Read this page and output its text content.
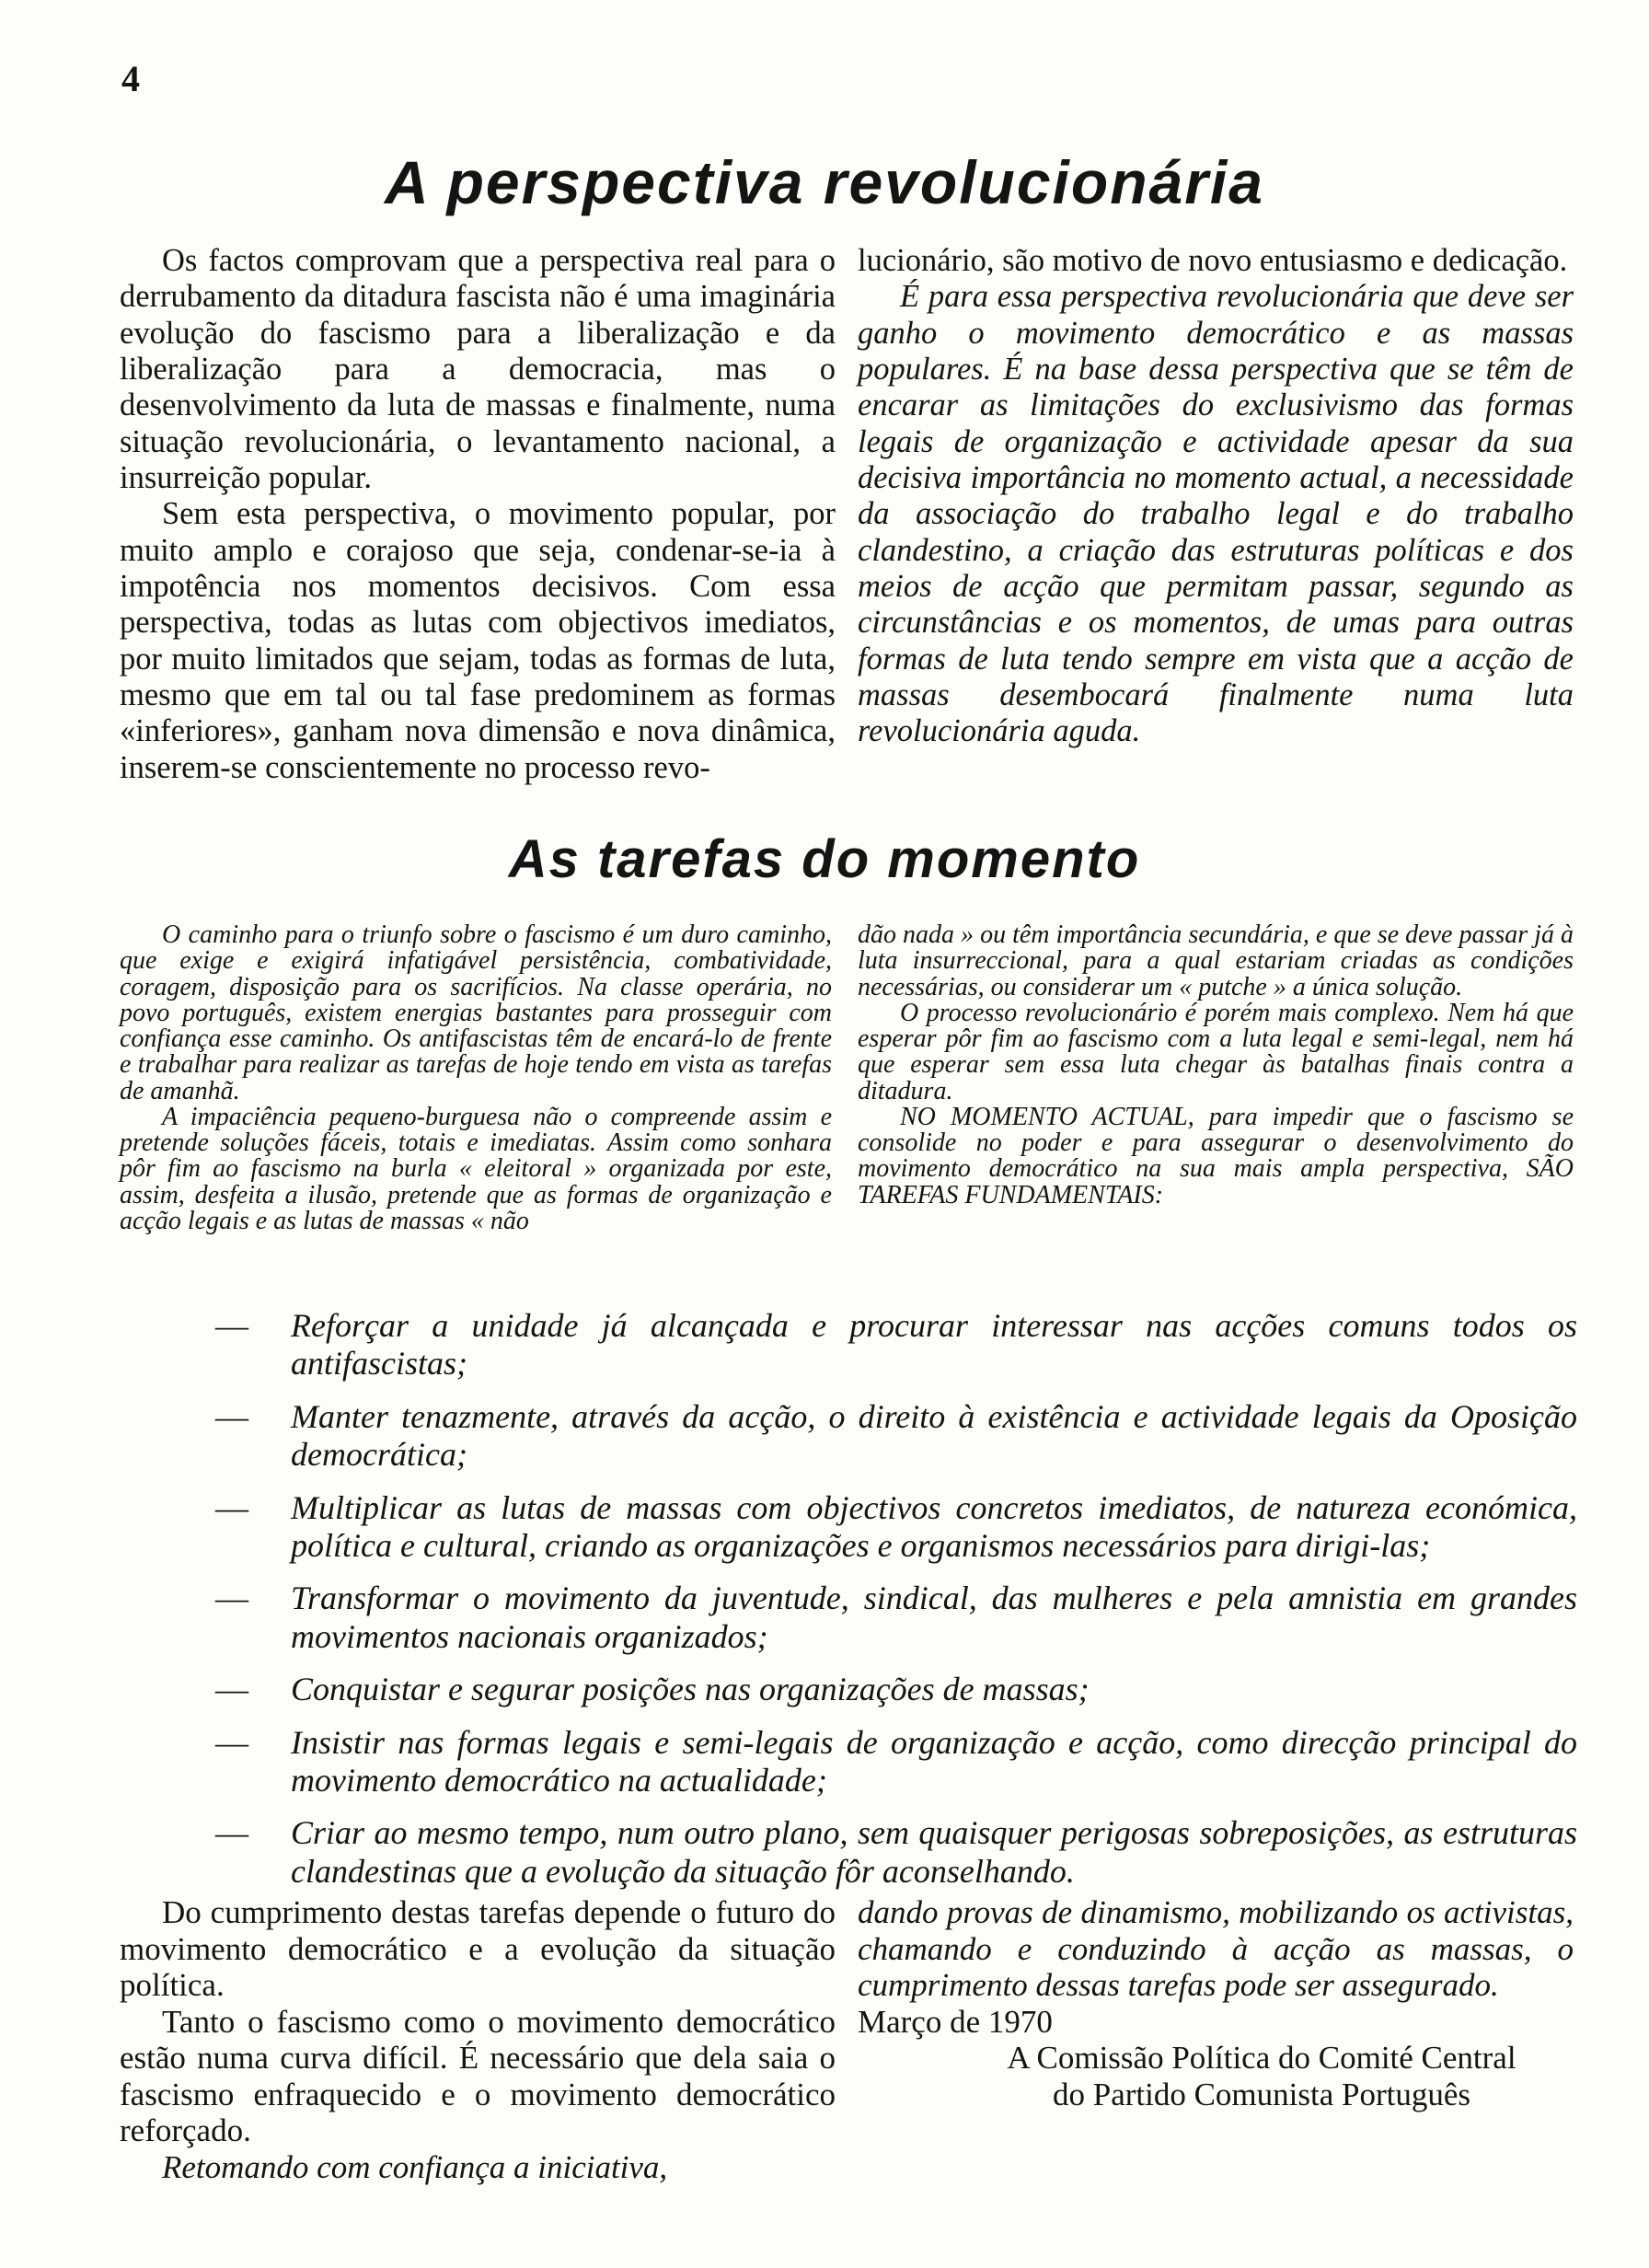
4
A perspectiva revolucionária

Os factos comprovam que a perspectiva real para o derrubamento da ditadura fascista não é uma imaginária evolução do fascismo para a liberalização e da liberalização para a democracia, mas o desenvolvimento da luta de massas e finalmente, numa situação revolucionária, o levantamento nacional, a insurreição popular.

Sem esta perspectiva, o movimento popular, por muito amplo e corajoso que seja, condenar-se-ia à impotência nos momentos decisivos. Com essa perspectiva, todas as lutas com objectivos imediatos, por muito limitados que sejam, todas as formas de luta, mesmo que em tal ou tal fase predominem as formas «inferiores», ganham nova dimensão e nova dinâmica, inserem-se conscientemente no processo revo-

lucionário, são motivo de novo entusiasmo e dedicação.

É para essa perspectiva revolucionária que deve ser ganho o movimento democrático e as massas populares. É na base dessa perspectiva que se têm de encarar as limitações do exclusivismo das formas legais de organização e actividade apesar da sua decisiva importância no momento actual, a necessidade da associação do trabalho legal e do trabalho clandestino, a criação das estruturas políticas e dos meios de acção que permitam passar, segundo as circunstâncias e os momentos, de umas para outras formas de luta tendo sempre em vista que a acção de massas desembocará finalmente numa luta revolucionária aguda.

As tarefas do momento

O caminho para o triunfo sobre o fascismo é um duro caminho, que exige e exigirá infatigável persistência, combatividade, coragem, disposição para os sacrifícios. Na classe operária, no povo português, existem energias bastantes para prosseguir com confiança esse caminho. Os antifascistas têm de encará-lo de frente e trabalhar para realizar as tarefas de hoje tendo em vista as tarefas de amanhã.

A impaciência pequeno-burguesa não o compreende assim e pretende soluções fáceis, totais e imediatas. Assim como sonhara pôr fim ao fascismo na burla « eleitoral » organizada por este, assim, desfeita a ilusão, pretende que as formas de organização e acção legais e as lutas de massas « não

dão nada » ou têm importância secundária, e que se deve passar já à luta insurreccional, para a qual estariam criadas as condições necessárias, ou considerar um « putche » a única solução.

O processo revolucionário é porém mais complexo. Nem há que esperar pôr fim ao fascismo com a luta legal e semi-legal, nem há que esperar sem essa luta chegar às batalhas finais contra a ditadura.

NO MOMENTO ACTUAL, para impedir que o fascismo se consolide no poder e para assegurar o desenvolvimento do movimento democrático na sua mais ampla perspectiva, SÃO TAREFAS FUNDAMENTAIS:

— Reforçar a unidade já alcançada e procurar interessar nas acções comuns todos os antifascistas;
— Manter tenazmente, através da acção, o direito à existência e actividade legais da Oposição democrática;
— Multiplicar as lutas de massas com objectivos concretos imediatos, de natureza económica, política e cultural, criando as organizações e organismos necessários para dirigi-las;
— Transformar o movimento da juventude, sindical, das mulheres e pela amnistia em grandes movimentos nacionais organizados;
— Conquistar e segurar posições nas organizações de massas;
— Insistir nas formas legais e semi-legais de organização e acção, como direcção principal do movimento democrático na actualidade;
— Criar ao mesmo tempo, num outro plano, sem quaisquer perigosas sobreposições, as estruturas clandestinas que a evolução da situação fôr aconselhando.

Do cumprimento destas tarefas depende o futuro do movimento democrático e a evolução da situação política.

Tanto o fascismo como o movimento democrático estão numa curva difícil. É necessário que dela saia o fascismo enfraquecido e o movimento democrático reforçado.

Retomando com confiança a iniciativa,

dando provas de dinamismo, mobilizando os activistas, chamando e conduzindo à acção as massas, o cumprimento dessas tarefas pode ser assegurado.

Março de 1970

A Comissão Política do Comité Central

do Partido Comunista Português
